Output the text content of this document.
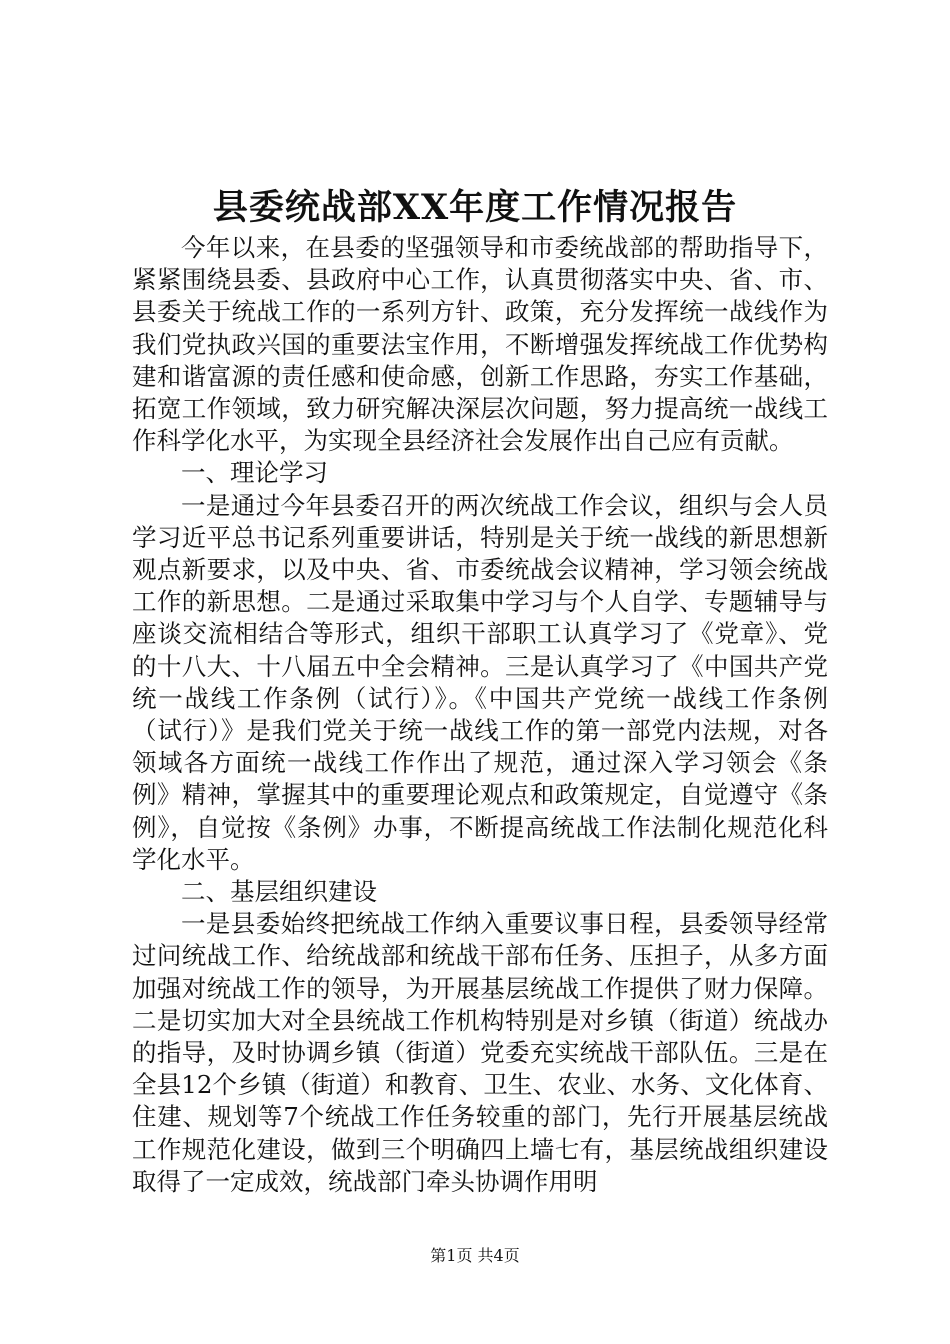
县委统战部XX年度工作情况报告

今年以来，在县委的坚强领导和市委统战部的帮助指导下，紧紧围绕县委、县政府中心工作，认真贯彻落实中央、省、市、县委关于统战工作的一系列方针、政策，充分发挥统一战线作为我们党执政兴国的重要法宝作用，不断增强发挥统战工作优势构建和谐富源的责任感和使命感，创新工作思路，夯实工作基础，拓宽工作领域，致力研究解决深层次问题，努力提高统一战线工作科学化水平，为实现全县经济社会发展作出自己应有贡献。

一、理论学习

一是通过今年县委召开的两次统战工作会议，组织与会人员学习近平总书记系列重要讲话，特别是关于统一战线的新思想新观点新要求，以及中央、省、市委统战会议精神，学习领会统战工作的新思想。二是通过采取集中学习与个人自学、专题辅导与座谈交流相结合等形式，组织干部职工认真学习了《党章》、党的十八大、十八届五中全会精神。三是认真学习了《中国共产党统一战线工作条例（试行）》。《中国共产党统一战线工作条例（试行）》是我们党关于统一战线工作的第一部党内法规，对各领域各方面统一战线工作作出了规范，通过深入学习领会《条例》精神，掌握其中的重要理论观点和政策规定，自觉遵守《条例》，自觉按《条例》办事，不断提高统战工作法制化规范化科学化水平。

二、基层组织建设

一是县委始终把统战工作纳入重要议事日程，县委领导经常过问统战工作、给统战部和统战干部布任务、压担子，从多方面加强对统战工作的领导，为开展基层统战工作提供了财力保障。二是切实加大对全县统战工作机构特别是对乡镇（街道）统战办的指导，及时协调乡镇（街道）党委充实统战干部队伍。三是在全县12个乡镇（街道）和教育、卫生、农业、水务、文化体育、住建、规划等7个统战工作任务较重的部门，先行开展基层统战工作规范化建设，做到三个明确四上墙七有，基层统战组织建设取得了一定成效，统战部门牵头协调作用明

第1页 共4页
